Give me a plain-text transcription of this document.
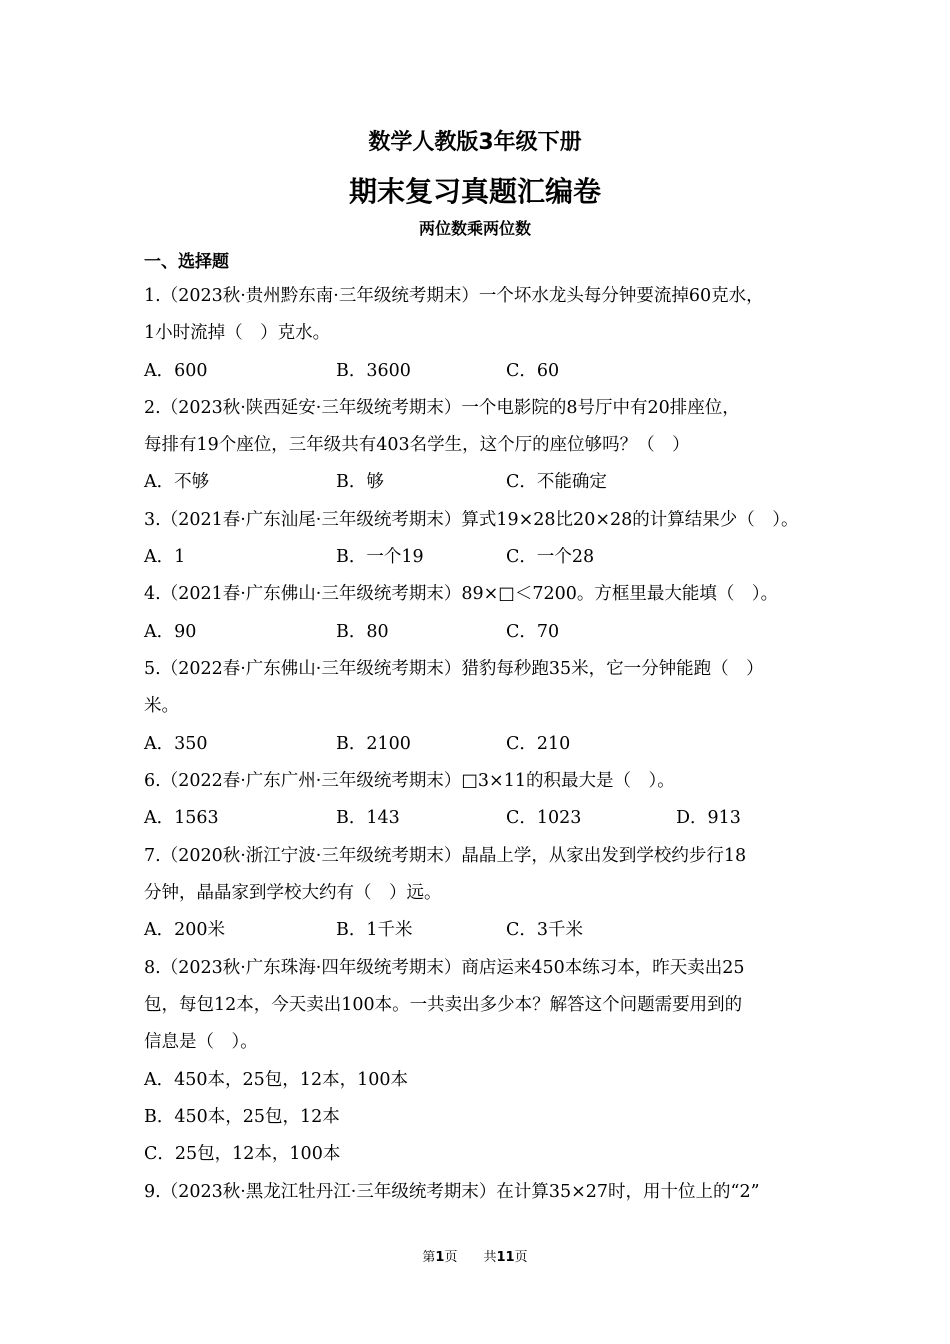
数学人教版3年级下册
期末复习真题汇编卷
两位数乘两位数
一、选择题
1.（2023秋·贵州黔东南·三年级统考期末）一个坏水龙头每分钟要流掉60克水，
1小时流掉（　）克水。
A．600	B．3600	C．60
2.（2023秋·陕西延安·三年级统考期末）一个电影院的8号厅中有20排座位，
每排有19个座位，三年级共有403名学生，这个厅的座位够吗？（　）
A．不够	B．够	C．不能确定
3.（2021春·广东汕尾·三年级统考期末）算式19×28比20×28的计算结果少（　）。
A．1	B．一个19	C．一个28
4.（2021春·广东佛山·三年级统考期末）89×□＜7200。方框里最大能填（　）。
A．90	B．80	C．70
5.（2022春·广东佛山·三年级统考期末）猎豹每秒跑35米，它一分钟能跑（　）
米。
A．350	B．2100	C．210
6.（2022春·广东广州·三年级统考期末）□3×11的积最大是（　）。
A．1563	B．143	C．1023	D．913
7.（2020秋·浙江宁波·三年级统考期末）晶晶上学，从家出发到学校约步行18
分钟，晶晶家到学校大约有（　）远。
A．200米	B．1千米	C．3千米
8.（2023秋·广东珠海·四年级统考期末）商店运来450本练习本，昨天卖出25
包，每包12本，今天卖出100本。一共卖出多少本？解答这个问题需要用到的
信息是（　）。
A．450本，25包，12本，100本
B．450本，25包，12本
C．25包，12本，100本
9.（2023秋·黑龙江牡丹江·三年级统考期末）在计算35×27时，用十位上的“2”
第1页 共11页
